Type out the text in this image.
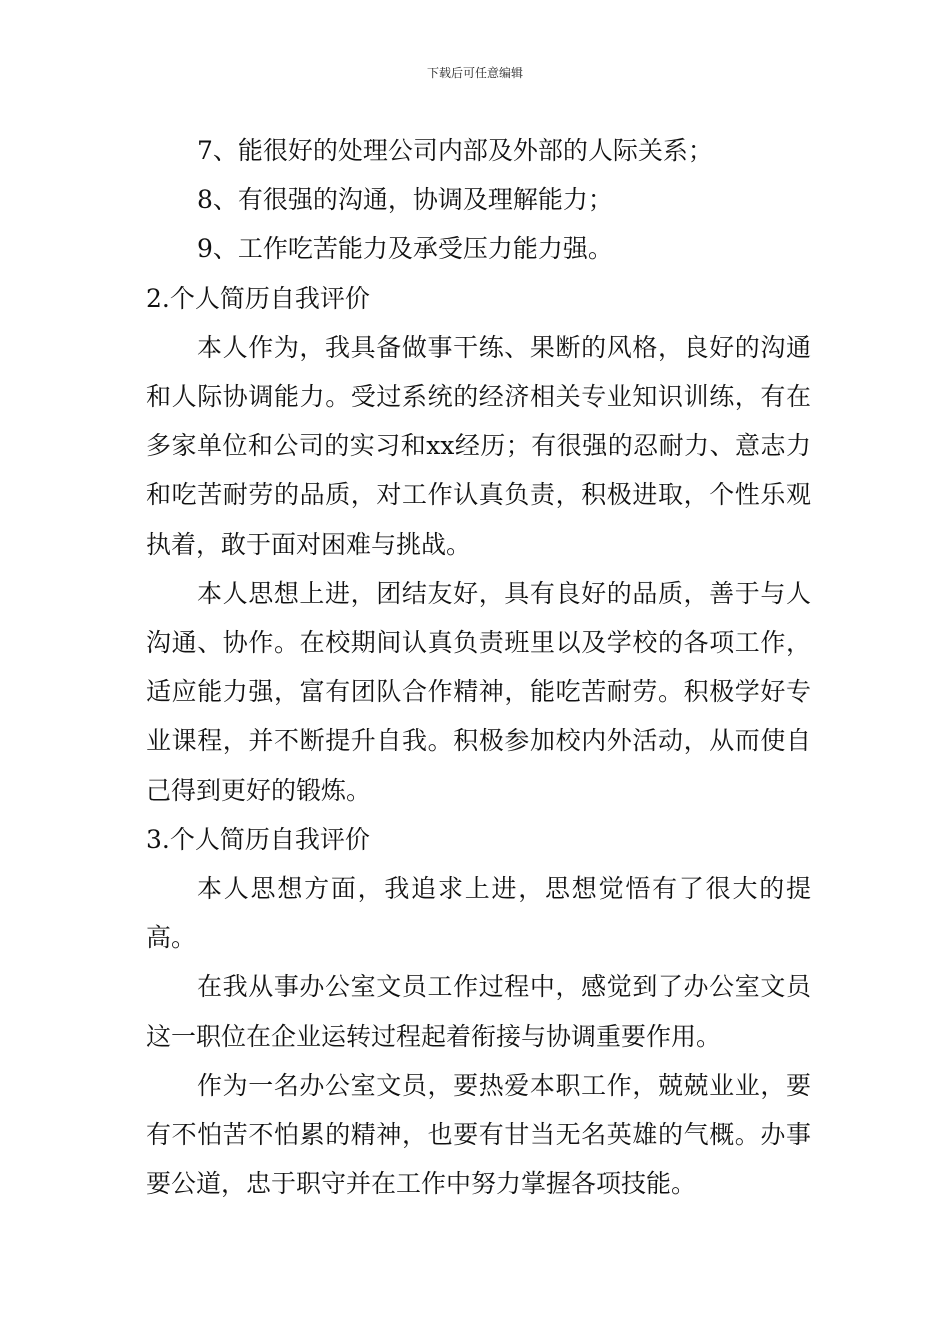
下载后可任意编辑

7、能很好的处理公司内部及外部的人际关系；

8、有很强的沟通，协调及理解能力；

9、工作吃苦能力及承受压力能力强。

2.个人简历自我评价

本人作为，我具备做事干练、果断的风格，良好的沟通和人际协调能力。受过系统的经济相关专业知识训练，有在多家单位和公司的实习和xx经历；有很强的忍耐力、意志力和吃苦耐劳的品质，对工作认真负责，积极进取，个性乐观执着，敢于面对困难与挑战。

本人思想上进，团结友好，具有良好的品质，善于与人沟通、协作。在校期间认真负责班里以及学校的各项工作，适应能力强，富有团队合作精神，能吃苦耐劳。积极学好专业课程，并不断提升自我。积极参加校内外活动，从而使自己得到更好的锻炼。

3.个人简历自我评价

本人思想方面，我追求上进，思想觉悟有了很大的提高。

在我从事办公室文员工作过程中，感觉到了办公室文员这一职位在企业运转过程起着衔接与协调重要作用。

作为一名办公室文员，要热爱本职工作，兢兢业业，要有不怕苦不怕累的精神，也要有甘当无名英雄的气概。办事要公道，忠于职守并在工作中努力掌握各项技能。
